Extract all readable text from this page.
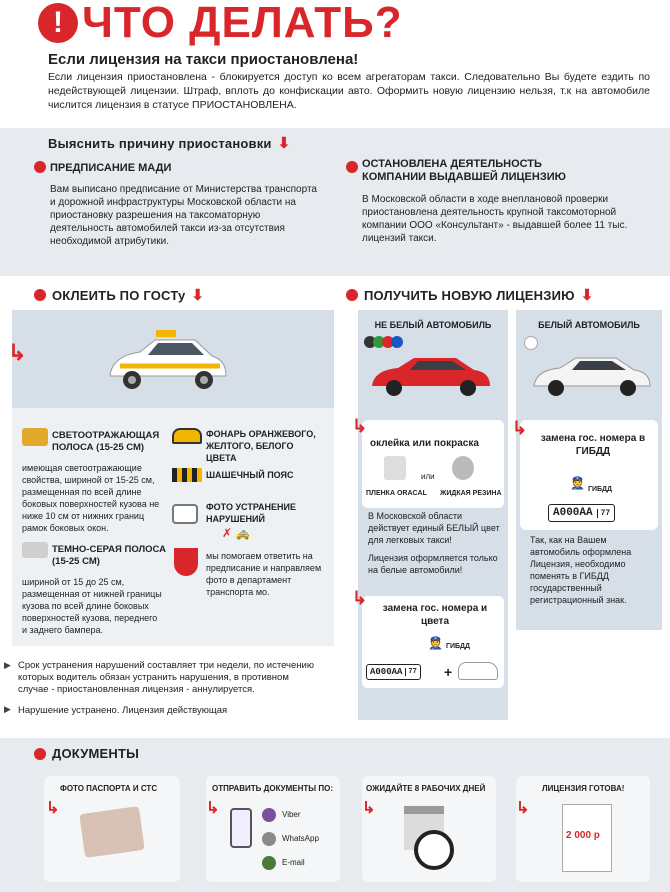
! ЧТО ДЕЛАТЬ?
Если лицензия на такси приостановлена!
Если лицензия приостановлена - блокируется доступ ко всем агрегаторам такси. Следовательно Вы будете ездить по недействующей лицензии. Штраф, вплоть до конфискации авто. Оформить новую лицензию нельзя, т.к на автомобиле числится лицензия в статусе ПРИОСТАНОВЛЕНА.
Выяснить причину приостановки ⬇
ПРЕДПИСАНИЕ МАДИ
Вам выписано предписание от Министерства транспорта и дорожной инфраструктуры Московской области на приостановку разрешения на таксоматорную деятельность автомобилей такси из-за отсутствия необходимой атрибутики.
ОСТАНОВЛЕНА ДЕЯТЕЛЬНОСТЬ
КОМПАНИИ ВЫДАВШЕЙ ЛИЦЕНЗИЮ
В Московской области в ходе внеплановой проверки приостановлена деятельность крупной таксомоторной компании ООО «Консультант» - выдавшей более 11 тыс. лицензий такси.
ОКЛЕИТЬ ПО ГОСТу ⬇	ПОЛУЧИТЬ НОВУЮ ЛИЦЕНЗИЮ ⬇
↳
СВЕТООТРАЖАЮЩАЯ ПОЛОСА (15-25 СМ)
имеющая светоотражающие свойства, шириной от 15-25 см, размещенная по всей длине боковых поверхностей кузова не ниже 10 см от нижних границ рамок боковых окон.
ТЕМНО-СЕРАЯ ПОЛОСА (15-25 СМ)
шириной от 15 до 25 см, размещенная от нижней границы кузова по всей длине боковых поверхностей кузова, переднего и заднего бампера.
ФОНАРЬ ОРАНЖЕВОГО, ЖЕЛТОГО, БЕЛОГО ЦВЕТА
ШАШЕЧНЫЙ ПОЯС
ФОТО УСТРАНЕНИЕ НАРУШЕНИЙ
✗ 🚕
мы помогаем ответить на предписание и направляем фото в департамент транспорта мо.
▶ Срок устранения нарушений составляет три недели, по истечению которых водитель обязан устранить нарушения, в противном случае - приостановленная лицензия - аннулируется.
▶ Нарушение устранено. Лицензия действующая
НЕ БЕЛЫЙ АВТОМОБИЛЬ
↳
оклейка или покраска
или
ПЛЕНКА ORACAL ЖИДКАЯ РЕЗИНА
В Московской области действует единый БЕЛЫЙ цвет для легковых такси!
Лицензия оформляется только на белые автомобили!
↳
замена гос. номера и цвета
👮 ГИБДД
А000АА 77 +
БЕЛЫЙ АВТОМОБИЛЬ
↳
замена гос. номера в ГИБДД
👮 ГИБДД
А000АА	77
Так, как на Вашем автомобиль оформлена Лицензия, необходимо поменять в ГИБДД государственный регистрационный знак.
ДОКУМЕНТЫ
ФОТО ПАСПОРТА И СТС
↳
ОТПРАВИТЬ ДОКУМЕНТЫ ПО:
↳	Viber
WhatsApp
E-mail
ОЖИДАЙТЕ 8 РАБОЧИХ ДНЕЙ
↳
ЛИЦЕНЗИЯ ГОТОВА!
↳
2 000 р
